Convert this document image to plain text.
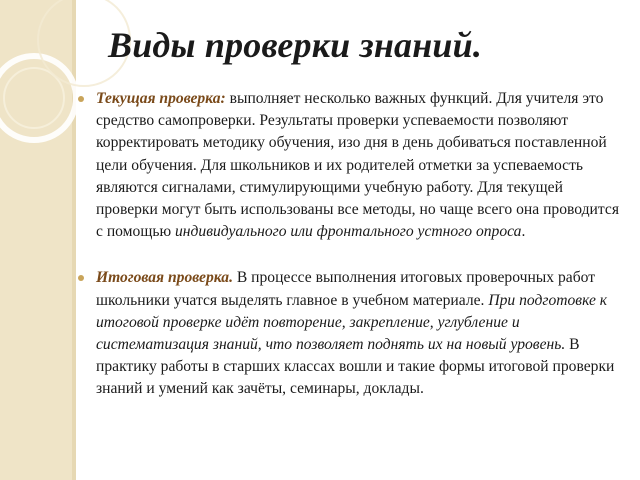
Виды проверки знаний.
Текущая проверка: выполняет несколько важных функций. Для учителя это средство самопроверки. Результаты проверки успеваемости позволяют корректировать методику обучения, изо дня в день добиваться поставленной цели обучения. Для школьников и их родителей отметки за успеваемость являются сигналами, стимулирующими учебную работу. Для текущей проверки могут быть использованы все методы, но чаще всего она проводится с помощью индивидуального или фронтального устного опроса.
Итоговая проверка. В процессе выполнения итоговых проверочных работ школьники учатся выделять главное в учебном материале. При подготовке к итоговой проверке идёт повторение, закрепление, углубление и систематизация знаний, что позволяет поднять их на новый уровень. В практику работы в старших классах вошли и такие формы итоговой проверки знаний и умений как зачёты, семинары, доклады.
